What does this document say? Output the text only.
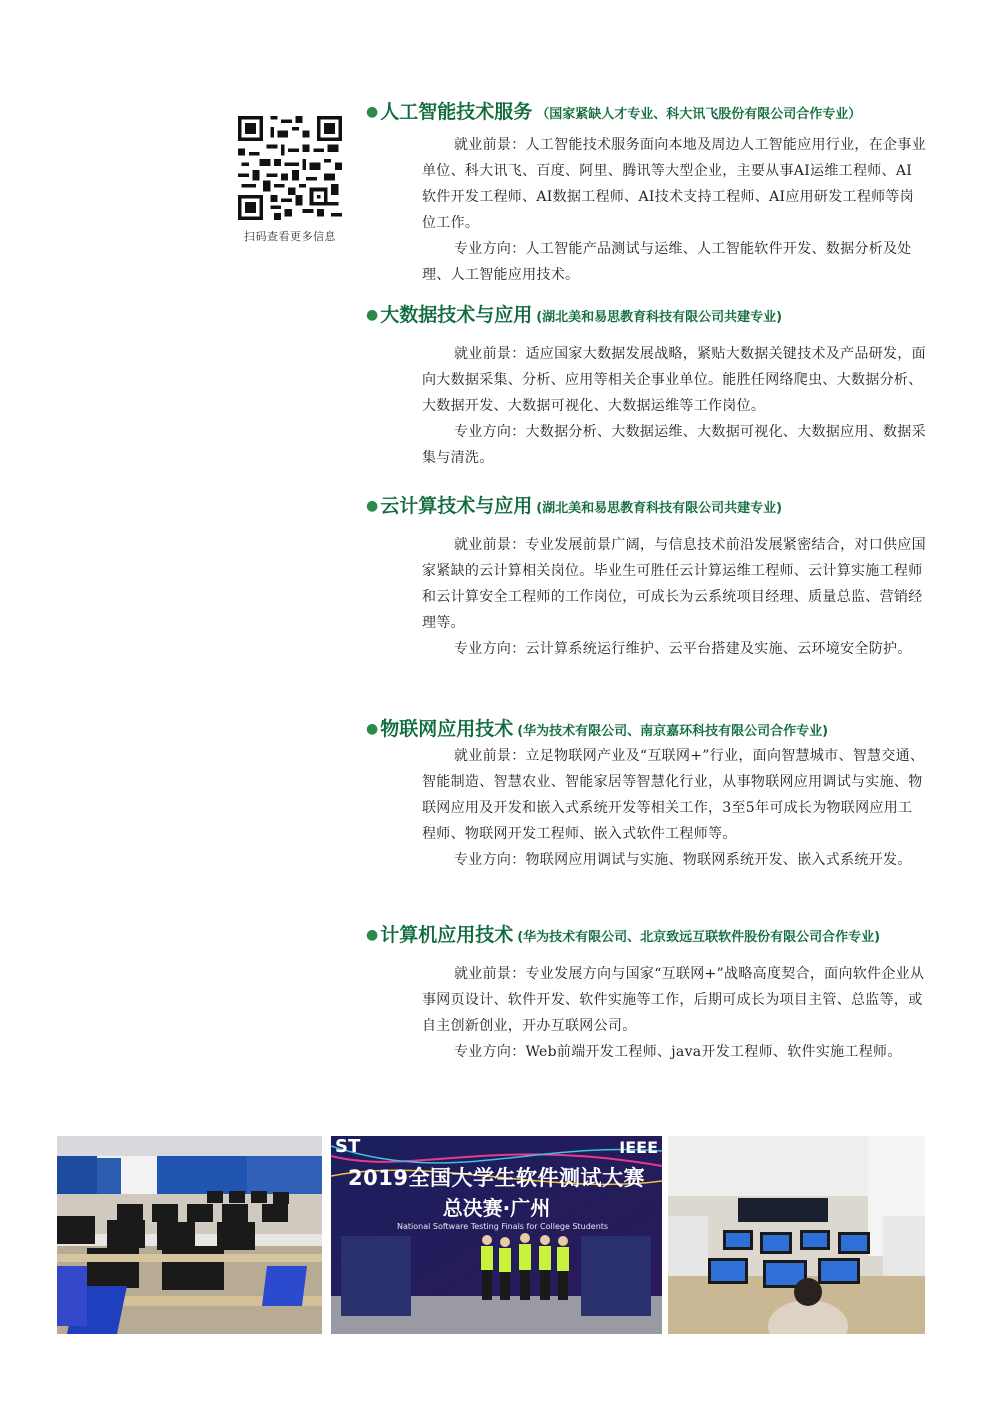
扫码查看更多信息
● 人工智能技术服务 （国家紧缺人才专业、科大讯飞股份有限公司合作专业）

就业前景：人工智能技术服务面向本地及周边人工智能应用行业，在企事业单位、科大讯飞、百度、阿里、腾讯等大型企业，主要从事AI运维工程师、AI软件开发工程师、AI数据工程师、AI技术支持工程师、AI应用研发工程师等岗位工作。

专业方向：人工智能产品测试与运维、人工智能软件开发、数据分析及处理、人工智能应用技术。

● 大数据技术与应用 (湖北美和易思教育科技有限公司共建专业)

就业前景：适应国家大数据发展战略，紧贴大数据关键技术及产品研发，面向大数据采集、分析、应用等相关企事业单位。能胜任网络爬虫、大数据分析、大数据开发、大数据可视化、大数据运维等工作岗位。

专业方向：大数据分析、大数据运维、大数据可视化、大数据应用、数据采集与清洗。

● 云计算技术与应用 (湖北美和易思教育科技有限公司共建专业)

就业前景：专业发展前景广阔，与信息技术前沿发展紧密结合，对口供应国家紧缺的云计算相关岗位。毕业生可胜任云计算运维工程师、云计算实施工程师和云计算安全工程师的工作岗位，可成长为云系统项目经理、质量总监、营销经理等。

专业方向：云计算系统运行维护、云平台搭建及实施、云环境安全防护。

● 物联网应用技术 (华为技术有限公司、南京嘉环科技有限公司合作专业)

就业前景：立足物联网产业及“互联网+”行业，面向智慧城市、智慧交通、智能制造、智慧农业、智能家居等智慧化行业，从事物联网应用调试与实施、物联网应用及开发和嵌入式系统开发等相关工作，3至5年可成长为物联网应用工程师、物联网开发工程师、嵌入式软件工程师等。

专业方向：物联网应用调试与实施、物联网系统开发、嵌入式系统开发。

● 计算机应用技术 (华为技术有限公司、北京致远互联软件股份有限公司合作专业)

就业前景：专业发展方向与国家“互联网+”战略高度契合，面向软件企业从事网页设计、软件开发、软件实施等工作，后期可成长为项目主管、总监等，或自主创新创业，开办互联网公司。

专业方向：Web前端开发工程师、java开发工程师、软件实施工程师。

ST	IEEE
2019全国大学生软件测试大赛
总决赛·广州
National Software Testing Finals for College Students
